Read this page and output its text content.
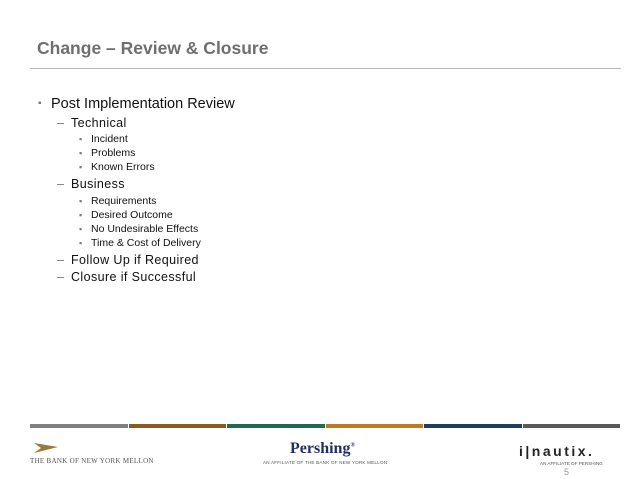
Change – Review & Closure
▪ Post Implementation Review
– Technical
▪ Incident
▪ Problems
▪ Known Errors
– Business
▪ Requirements
▪ Desired Outcome
▪ No Undesirable Effects
▪ Time & Cost of Delivery
– Follow Up if Required
– Closure if Successful
THE BANK OF NEW YORK MELLON
Pershing®
AN AFFILIATE OF THE BANK OF NEW YORK MELLON
i|nautix.
AN AFFILIATE OF PERSHING
5
